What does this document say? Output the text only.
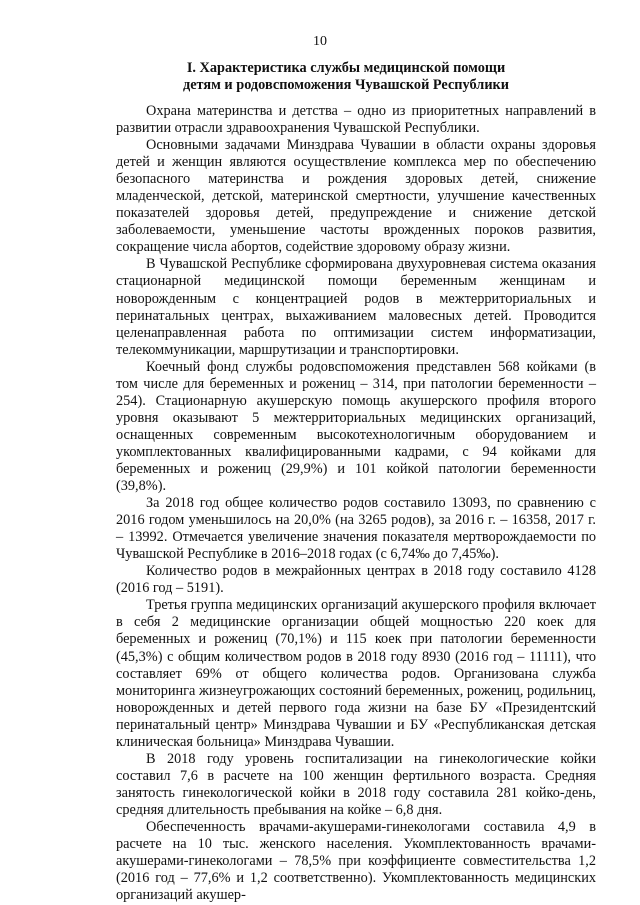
10
I. Характеристика службы медицинской помощи
детям и родовспоможения Чувашской Республики

Охрана материнства и детства – одно из приоритетных направлений в развитии отрасли здравоохранения Чувашской Республики.

Основными задачами Минздрава Чувашии в области охраны здоровья детей и женщин являются осуществление комплекса мер по обеспечению безопасного материнства и рождения здоровых детей, снижение младенческой, детской, материнской смертности, улучшение качественных показателей здоровья детей, предупреждение и снижение детской заболеваемости, уменьшение частоты врожденных пороков развития, сокращение числа абортов, содействие здоровому образу жизни.

В Чувашской Республике сформирована двухуровневая система оказания стационарной медицинской помощи беременным женщинам и новорожденным с концентрацией родов в межтерриториальных и перинатальных центрах, выхаживанием маловесных детей. Проводится целенаправленная работа по оптимизации систем информатизации, телекоммуникации, маршрутизации и транспортировки.

Коечный фонд службы родовспоможения представлен 568 койками (в том числе для беременных и рожениц – 314, при патологии беременности – 254). Стационарную акушерскую помощь акушерского профиля второго уровня оказывают 5 межтерриториальных медицинских организаций, оснащенных современным высокотехнологичным оборудованием и укомплектованных квалифицированными кадрами, с 94 койками для беременных и рожениц (29,9%) и 101 койкой патологии беременности (39,8%).

За 2018 год общее количество родов составило 13093, по сравнению с 2016 годом уменьшилось на 20,0% (на 3265 родов), за 2016 г. – 16358, 2017 г. – 13992. Отмечается увеличение значения показателя мертворождаемости по Чувашской Республике в 2016–2018 годах (с 6,74‰ до 7,45‰).

Количество родов в межрайонных центрах в 2018 году составило 4128 (2016 год – 5191).

Третья группа медицинских организаций акушерского профиля включает в себя 2 медицинские организации общей мощностью 220 коек для беременных и рожениц (70,1%) и 115 коек при патологии беременности (45,3%) с общим количеством родов в 2018 году 8930 (2016 год – 11111), что составляет 69% от общего количества родов. Организована служба мониторинга жизнеугрожающих состояний беременных, рожениц, родильниц, новорожденных и детей первого года жизни на базе БУ «Президентский перинатальный центр» Минздрава Чувашии и БУ «Республиканская детская клиническая больница» Минздрава Чувашии.

В 2018 году уровень госпитализации на гинекологические койки составил 7,6 в расчете на 100 женщин фертильного возраста. Средняя занятость гинекологической койки в 2018 году составила 281 койко-день, средняя длительность пребывания на койке – 6,8 дня.

Обеспеченность врачами-акушерами-гинекологами составила 4,9 в расчете на 10 тыс. женского населения. Укомплектованность врачами-акушерами-гинекологами – 78,5% при коэффициенте совместительства 1,2 (2016 год – 77,6% и 1,2 соответственно). Укомплектованность медицинских организаций акушер-
